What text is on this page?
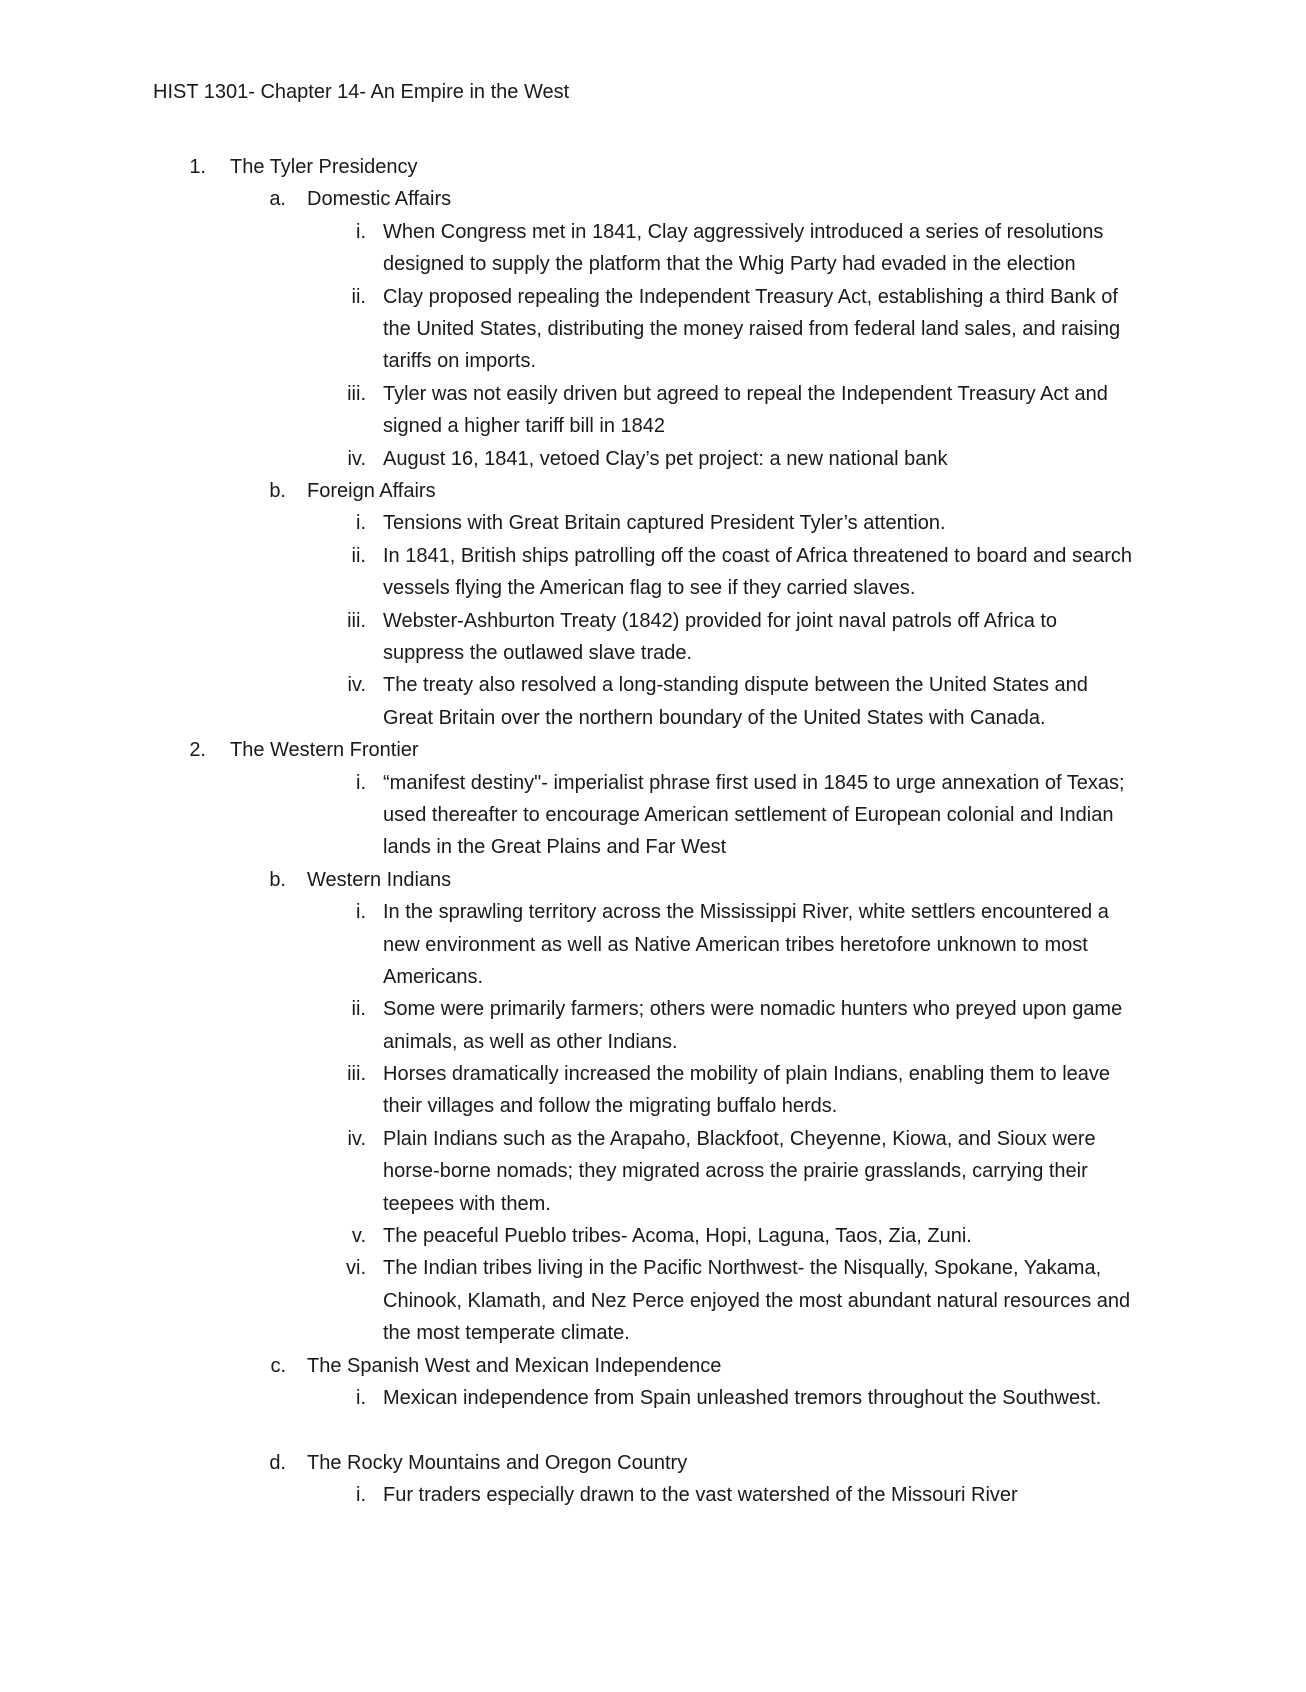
HIST 1301- Chapter 14- An Empire in the West
1. The Tyler Presidency
a. Domestic Affairs
i. When Congress met in 1841, Clay aggressively introduced a series of resolutions designed to supply the platform that the Whig Party had evaded in the election
ii. Clay proposed repealing the Independent Treasury Act, establishing a third Bank of the United States, distributing the money raised from federal land sales, and raising tariffs on imports.
iii. Tyler was not easily driven but agreed to repeal the Independent Treasury Act and signed a higher tariff bill in 1842
iv. August 16, 1841, vetoed Clay’s pet project: a new national bank
b. Foreign Affairs
i. Tensions with Great Britain captured President Tyler’s attention.
ii. In 1841, British ships patrolling off the coast of Africa threatened to board and search vessels flying the American flag to see if they carried slaves.
iii. Webster-Ashburton Treaty (1842) provided for joint naval patrols off Africa to suppress the outlawed slave trade.
iv. The treaty also resolved a long-standing dispute between the United States and Great Britain over the northern boundary of the United States with Canada.
2. The Western Frontier
i. “manifest destiny"- imperialist phrase first used in 1845 to urge annexation of Texas; used thereafter to encourage American settlement of European colonial and Indian lands in the Great Plains and Far West
b. Western Indians
i. In the sprawling territory across the Mississippi River, white settlers encountered a new environment as well as Native American tribes heretofore unknown to most Americans.
ii. Some were primarily farmers; others were nomadic hunters who preyed upon game animals, as well as other Indians.
iii. Horses dramatically increased the mobility of plain Indians, enabling them to leave their villages and follow the migrating buffalo herds.
iv. Plain Indians such as the Arapaho, Blackfoot, Cheyenne, Kiowa, and Sioux were horse-borne nomads; they migrated across the prairie grasslands, carrying their teepees with them.
v. The peaceful Pueblo tribes- Acoma, Hopi, Laguna, Taos, Zia, Zuni.
vi. The Indian tribes living in the Pacific Northwest- the Nisqually, Spokane, Yakama, Chinook, Klamath, and Nez Perce enjoyed the most abundant natural resources and the most temperate climate.
c. The Spanish West and Mexican Independence
i. Mexican independence from Spain unleashed tremors throughout the Southwest.
d. The Rocky Mountains and Oregon Country
i. Fur traders especially drawn to the vast watershed of the Missouri River
